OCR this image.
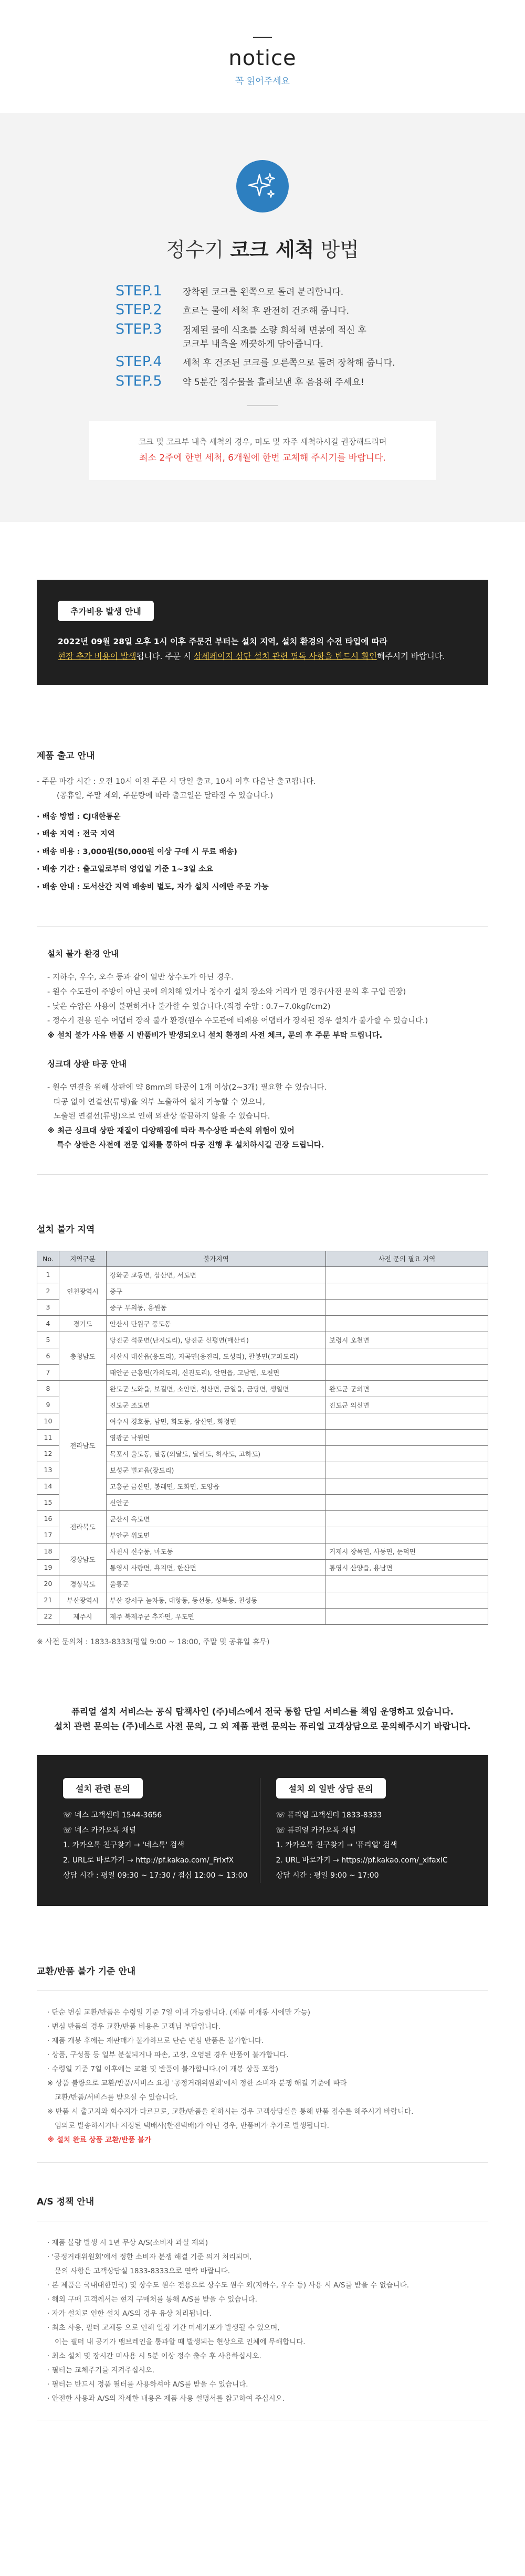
notice
꼭 읽어주세요
정수기 코크 세척 방법
STEP.1	장착된 코크를 왼쪽으로 돌려 분리합니다.
STEP.2	흐르는 물에 세척 후 완전히 건조해 줍니다.
STEP.3	정제된 물에 식초를 소량 희석해 면봉에 적신 후
코크부 내측을 깨끗하게 닦아줍니다.
STEP.4	세척 후 건조된 코크를 오른쪽으로 돌려 장착해 줍니다.
STEP.5	약 5분간 정수물을 흘려보낸 후 음용해 주세요!
코크 및 코크부 내측 세척의 경우, 미도 및 자주 세척하시길 권장해드리며
최소 2주에 한번 세척, 6개월에 한번 교체해 주시기를 바랍니다.
추가비용 발생 안내
2022년 09월 28일 오후 1시 이후 주문건 부터는 설치 지역, 설치 환경의 수전 타입에 따라
현장 추가 비용이 발생됩니다. 주문 시 상세페이지 상단 설치 관련 필독 사항을 반드시 확인해주시기 바랍니다.
제품 출고 안내
- 주문 마감 시간 : 오전 10시 이전 주문 시 당일 출고, 10시 이후 다음날 출고됩니다.
(공휴일, 주말 제외, 주문량에 따라 출고일은 달라질 수 있습니다.)
· 배송 방법 : CJ대한통운
· 배송 지역 : 전국 지역
· 배송 비용 : 3,000원(50,000원 이상 구매 시 무료 배송)
· 배송 기간 : 출고일로부터 영업일 기준 1~3일 소요
· 배송 안내 : 도서산간 지역 배송비 별도, 자가 설치 시에만 주문 가능
설치 불가 환경 안내
- 지하수, 우수, 오수 등과 같이 일반 상수도가 아닌 경우.
- 원수 수도관이 주방이 아닌 곳에 위치해 있거나 정수기 설치 장소와 거리가 먼 경우(사전 문의 후 구입 권장)
- 낮은 수압은 사용이 불편하거나 불가할 수 있습니다.(적정 수압 : 0.7~7.0kgf/cm2)
- 정수기 전용 원수 어댑터 장착 불가 환경(원수 수도관에 티째용 어댑터가 장착된 경우 설치가 불가할 수 있습니다.)
※ 설치 불가 사유 반품 시 반품비가 발생되오니 설치 환경의 사전 체크, 문의 후 주문 부탁 드립니다.
싱크대 상판 타공 안내
- 원수 연결을 위해 상판에 약 8mm의 타공이 1개 이상(2~3개) 필요할 수 있습니다.
타공 없이 연결선(튜빙)을 외부 노출하여 설치 가능할 수 있으나,
노출된 연결선(튜빙)으로 인해 외관상 깔끔하지 않을 수 있습니다.
※ 최근 싱크대 상판 재질이 다양해짐에 따라 특수상판 파손의 위험이 있어
특수 상판은 사전에 전문 업체를 통하여 타공 진행 후 설치하시길 권장 드립니다.
설치 불가 지역
No.	지역구분	불가지역	사전 문의 필요 지역
1	인천광역시	강화군 교동면, 삼산면, 서도면	
2		중구	
3		중구 무의동, 용원동	
4	경기도	안산시 단원구 풍도동	
5	충청남도	당진군 석문면(난지도리), 당진군 신평면(매산리)	보령시 오천면
6		서산시 대산읍(응도리), 지곡면(응진리, 도성리), 팔봉면(고파도리)	
7		태안군 근흥면(가의도리, 신진도리), 안면읍, 고남면, 오천면	
8	전라남도	완도군 노화읍, 보길면, 소안면, 청산면, 금일읍, 금당면, 생일면	완도군 군외면
9		진도군 조도면	진도군 의신면
10		여수시 경호동, 남면, 화도동, 삼산면, 화정면	
11		영광군 낙월면	
12		목포시 율도동, 달동(외달도, 달리도, 허사도, 고하도)	
13		보성군 벌교읍(장도리)	
14		고흥군 금산면, 봉래면, 도화면, 도양읍	
15		신안군	
16	전라북도	군산시 옥도면	
17		부안군 위도면	
18	경상남도	사천시 신수동, 마도동	거제시 장목면, 사등면, 둔덕면
19		통영시 사량면, 욕지면, 한산면	통영시 산양읍, 용남면
20	경상북도	울릉군	
21	부산광역시	부산 강서구 눌차동, 대항동, 동선동, 성북동, 천성동	
22	제주시	제주 북제주군 추자면, 우도면	
※ 사전 문의처 : 1833-8333(평일 9:00 ~ 18:00, 주말 및 공휴일 휴무)
퓨리얼 설치 서비스는 공식 탑책사인 (주)네스에서 전국 통합 단일 서비스를 책임 운영하고 있습니다.
설치 관련 문의는 (주)네스로 사전 문의, 그 외 제품 관련 문의는 퓨리얼 고객상담으로 문의해주시기 바랍니다.
설치 관련 문의
☏ 네스 고객센터 1544-3656
☏ 네스 카카오톡 채널
1. 카카오톡 친구찾기 → '네스톡' 검색
2. URL로 바로가기 → http://pf.kakao.com/_FrlxfX
상담 시간 : 평일 09:30 ~ 17:30 / 점심 12:00 ~ 13:00
설치 외 일반 상담 문의
☏ 퓨리얼 고객센터 1833-8333
☏ 퓨리얼 카카오톡 채널
1. 카카오톡 친구찾기 → '퓨리얼' 검색
2. URL 바로가기 → https://pf.kakao.com/_xlfaxlC
상담 시간 : 평일 9:00 ~ 17:00
교환/반품 불가 기준 안내
· 단순 변심 교환/반품은 수령일 기준 7일 이내 가능합니다. (제품 미개봉 시에만 가능)
· 변심 반품의 경우 교환/반품 비용은 고객님 부담입니다.
· 제품 개봉 후에는 재판매가 불가하므로 단순 변심 반품은 불가합니다.
· 상품, 구성품 등 일부 분실되거나 파손, 고장, 오염된 경우 반품이 불가합니다.
· 수령일 기준 7일 이후에는 교환 및 반품이 불가합니다.(이 개봉 상품 포함)
※ 상품 불량으로 교환/반품/서비스 요청 '공정거래위원회'에서 정한 소비자 분쟁 해결 기준에 따라
교환/반품/서비스를 받으실 수 있습니다.
※ 반품 시 출고지와 회수지가 다르므로, 교환/반품을 원하시는 경우 고객상담실을 통해 반품 접수를 해주시기 바랍니다.
임의로 발송하시거나 지정된 택배사(한진택배)가 아닌 경우, 반품비가 추가로 발생됩니다.
※ 설치 완료 상품 교환/반품 불가
A/S 정책 안내
· 제품 불량 발생 시 1년 무상 A/S(소비자 과실 제외)
· '공정거래위원회'에서 정한 소비자 분쟁 해결 기준 의거 처리되며,
문의 사항은 고객상담실 1833-8333으로 연락 바랍니다.
· 본 제품은 국내대한민국) 및 상수도 원수 전용으로 상수도 원수 외(지하수, 우수 등) 사용 시 A/S를 받을 수 없습니다.
· 해외 구매 고객께서는 현지 구매처를 통해 A/S를 받을 수 있습니다.
· 자가 설치로 인한 설치 A/S의 경우 유상 처리됩니다.
· 최초 사용, 필터 교체등 으로 인해 일정 기간 미세기포가 발생될 수 있으며,
이는 필터 내 공기가 맴브레인을 통과할 때 발생되는 현상으로 인체에 무해합니다.
· 최소 설치 및 장시간 미사용 시 5분 이상 정수 출수 후 사용하십시오.
· 필터는 교체주기를 지켜주십시오.
· 필터는 반드시 정품 필터를 사용하셔야 A/S를 받을 수 있습니다.
· 안전한 사용과 A/S의 자세한 내용은 제품 사용 설명서를 참고하여 주십시오.
